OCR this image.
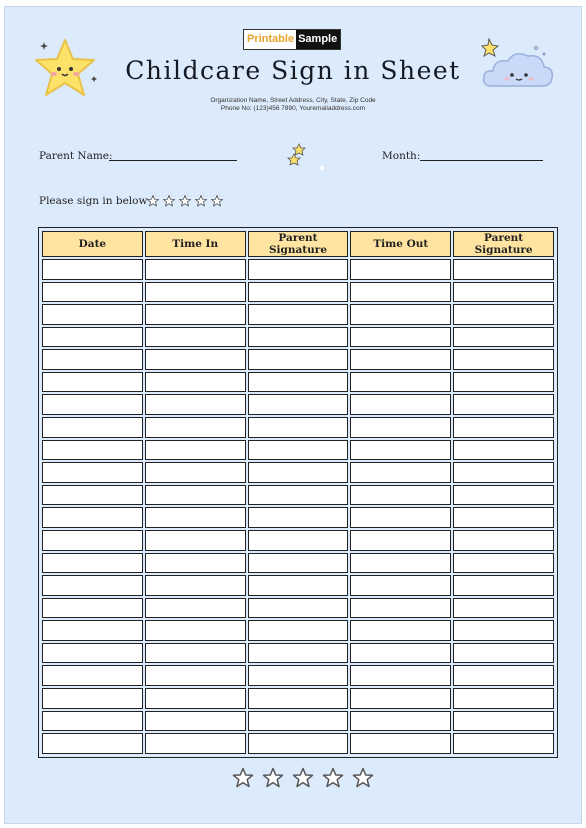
Printable Sample
Childcare Sign in Sheet
Organization Name, Street Address, City, State, Zip Code
Phone No: (123)456 7890, Youremailaddress.com
Parent Name:	Month:
Please sign in below
Date	Time In	Parent Signature	Time Out	Parent Signature
